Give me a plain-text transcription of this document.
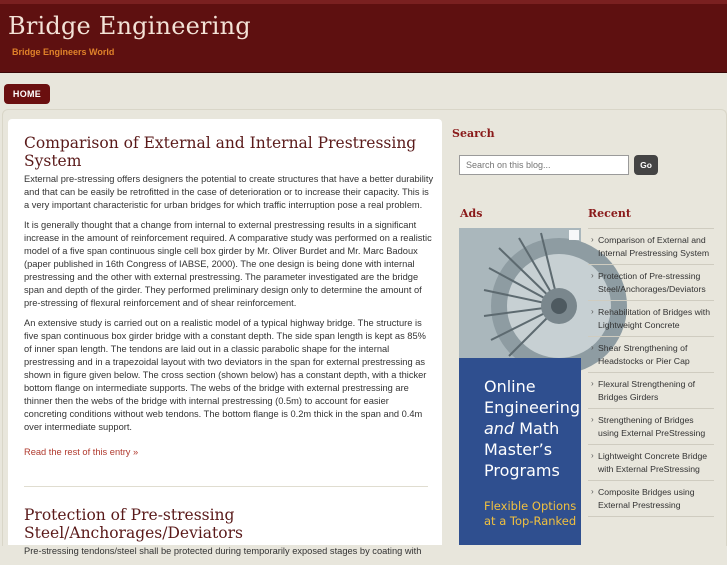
Bridge Engineering
Bridge Engineers World
HOME
Comparison of External and Internal Prestressing System

External pre-stressing offers designers the potential to create structures that have a better durability and that can be easily be retrofitted in the case of deterioration or to increase their capacity. This is a very important characteristic for urban bridges for which traffic interruption pose a real problem.

It is generally thought that a change from internal to external prestressing results in a significant increase in the amount of reinforcement required. A comparative study was performed on a realistic model of a five span continuous single cell box girder by Mr. Oliver Burdet and Mr. Marc Badoux (paper published in 16th Congress of IABSE, 2000). The one design is being done with internal prestressing and the other with external prestressing. The parameter investigated are the bridge span and depth of the girder. They performed preliminary design only to determine the amount of pre-stressing of flexural reinforcement and of shear reinforcement.

An extensive study is carried out on a realistic model of a typical highway bridge. The structure is five span continuous box girder bridge with a constant depth. The side span length is kept as 85% of inner span length. The tendons are laid out in a classic parabolic shape for the internal prestressing and in a trapezoidal layout with two deviators in the span for external prestressing as shown in figure given below. The cross section (shown below) has a constant depth, with a thicker bottom flange on intermediate supports. The webs of the bridge with external prestressing are thinner then the webs of the bridge with internal prestressing (0.5m) to account for easier concreting conditions without web tendons. The bottom flange is 0.2m thick in the span and 0.4m over intermediate support.

Read the rest of this entry »

Protection of Pre-stressing Steel/Anchorages/Deviators

Pre-stressing tendons/steel shall be protected during temporarily exposed stages by coating with

Search
Search on this blog...
Go
Ads
Online
Engineering
and Math
Master’s
Programs
Flexible Options at a Top-Ranked
Recent
› Comparison of External and Internal Prestressing System
› Protection of Pre-stressing Steel/Anchorages/Deviators
› Rehabilitation of Bridges with Lightweight Concrete
› Shear Strengthening of Headstocks or Pier Cap
› Flexural Strengthening of Bridges Girders
› Strengthening of Bridges using External PreStressing
› Lightweight Concrete Bridge with External PreStressing
› Composite Bridges using External Prestressing
